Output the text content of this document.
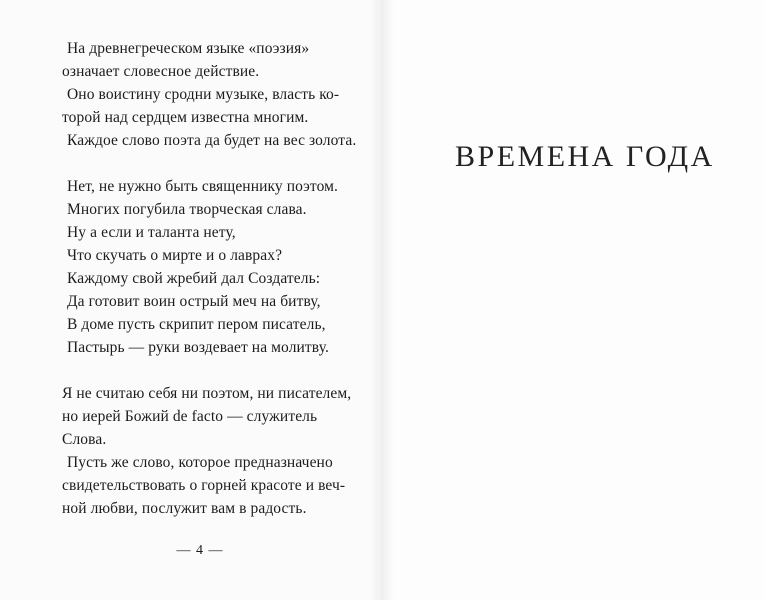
На древнегреческом языке «поэзия»
означает словесное действие.
Оно воистину сродни музыке, власть ко-
торой над сердцем известна многим.
Каждое слово поэта да будет на вес золота.
Нет, не нужно быть священнику поэтом.
Многих погубила творческая слава.
Ну а если и таланта нету,
Что скучать о мирте и о лаврах?
Каждому свой жребий дал Создатель:
Да готовит воин острый меч на битву,
В доме пусть скрипит пером писатель,
Пастырь — руки воздевает на молитву.
Я не считаю себя ни поэтом, ни писателем,
но иерей Божий de facto — служитель
Слова.
Пусть же слово, которое предназначено
свидетельствовать о горней красоте и веч-
ной любви, послужит вам в радость.
— 4 —
ВРЕМЕНА ГОДА
